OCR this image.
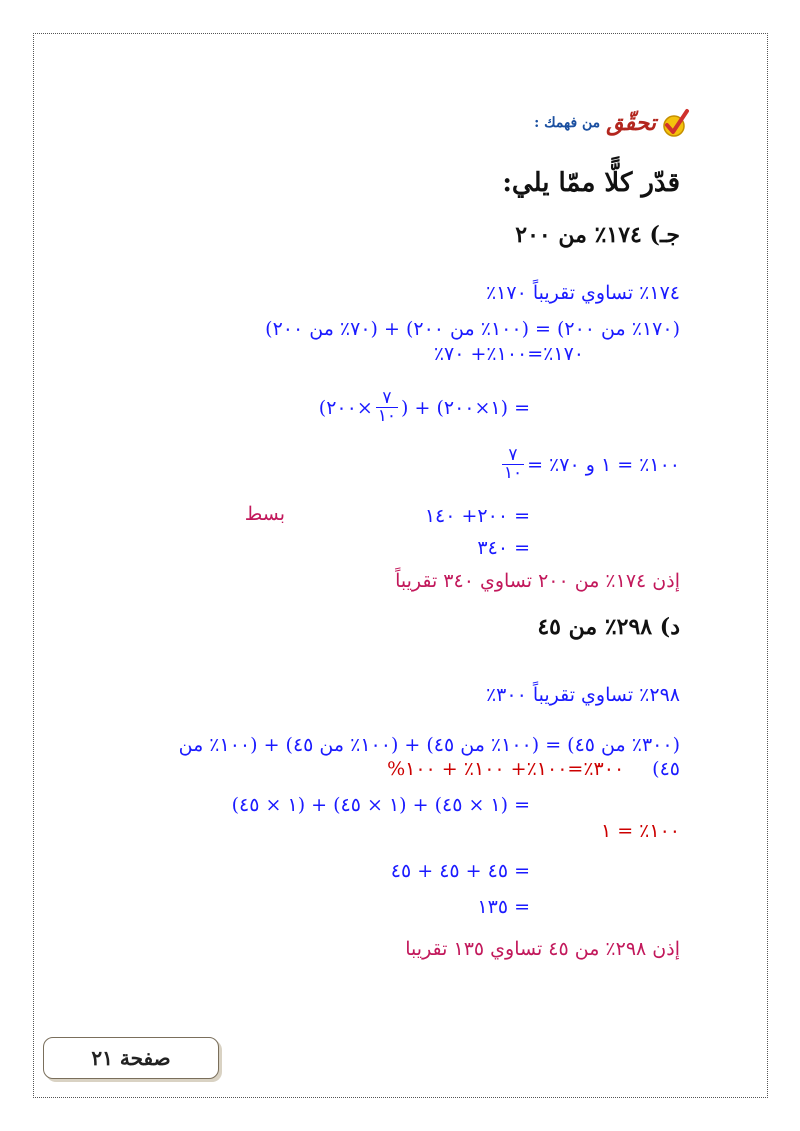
تحقّق
من فهمك :
قدّر كلًّا ممّا يلي:
جـ) ١٧٤٪ من ٢٠٠
١٧٤٪ تساوي تقريباً ١٧٠٪
(١٧٠٪ من ٢٠٠) = (١٠٠٪ من ٢٠٠) + (٧٠٪ من ٢٠٠)
١٧٠٪=١٠٠٪+ ٧٠٪
= (١×٢٠٠) + (
$\frac{٧}{١٠}$
×٢٠٠)
١٠٠٪ = ١ و ٧٠٪ =
$\frac{٧}{١٠}$
= ٢٠٠+ ١٤٠
بسط
= ٣٤٠
إذن ١٧٤٪ من ٢٠٠ تساوي ٣٤٠ تقريباً
د) ٢٩٨٪ من ٤٥
٢٩٨٪ تساوي تقريباً ٣٠٠٪
(٣٠٠٪ من ٤٥) = (١٠٠٪ من ٤٥) + (١٠٠٪ من ٤٥) + (١٠٠٪ من
٤٥)
٣٠٠٪=١٠٠٪+ ١٠٠٪ + ١٠٠%
= (١ × ٤٥) + (١ × ٤٥) + (١ × ٤٥)
١٠٠٪ = ١
= ٤٥ + ٤٥ + ٤٥
= ١٣٥
إذن ٢٩٨٪ من ٤٥ تساوي ١٣٥ تقريبا
صفحة ٢١
